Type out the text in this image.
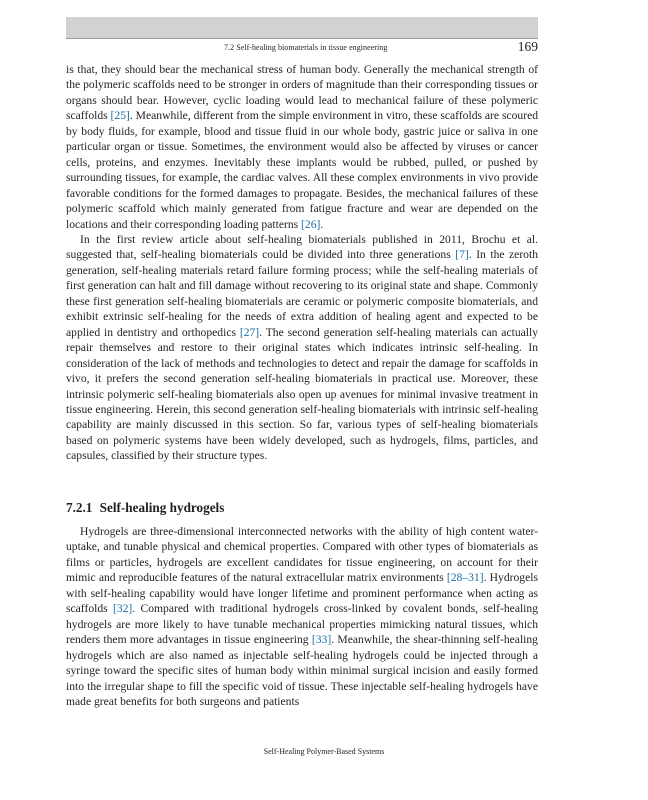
7.2 Self-healing biomaterials in tissue engineering	169

is that, they should bear the mechanical stress of human body. Generally the mechanical strength of the polymeric scaffolds need to be stronger in orders of magnitude than their corresponding tissues or organs should bear. However, cyclic loading would lead to mechanical failure of these polymeric scaffolds [25]. Meanwhile, different from the simple environment in vitro, these scaffolds are scoured by body fluids, for example, blood and tissue fluid in our whole body, gastric juice or saliva in one particular organ or tissue. Sometimes, the environment would also be affected by viruses or cancer cells, proteins, and enzymes. Inevitably these implants would be rubbed, pulled, or pushed by surrounding tissues, for example, the cardiac valves. All these complex environments in vivo provide favorable conditions for the formed damages to propagate. Besides, the mechanical failures of these polymeric scaffold which mainly generated from fatigue fracture and wear are depended on the locations and their corresponding loading patterns [26].

In the first review article about self-healing biomaterials published in 2011, Brochu et al. suggested that, self-healing biomaterials could be divided into three generations [7]. In the zeroth generation, self-healing materials retard failure forming process; while the self-healing materials of first generation can halt and fill damage without recovering to its original state and shape. Commonly these first generation self-healing biomaterials are ceramic or polymeric composite biomaterials, and exhibit extrinsic self-healing for the needs of extra addition of healing agent and expected to be applied in dentistry and orthopedics [27]. The second generation self-healing materials can actually repair themselves and restore to their original states which indicates intrinsic self-healing. In consideration of the lack of methods and technologies to detect and repair the damage for scaffolds in vivo, it prefers the second generation self-healing biomaterials in practical use. Moreover, these intrinsic polymeric self-healing biomaterials also open up avenues for minimal invasive treatment in tissue engineering. Herein, this second generation self-healing biomaterials with intrinsic self-healing capability are mainly discussed in this section. So far, various types of self-healing biomaterials based on polymeric systems have been widely developed, such as hydrogels, films, particles, and capsules, classified by their structure types.

7.2.1 Self-healing hydrogels

Hydrogels are three-dimensional interconnected networks with the ability of high content water-uptake, and tunable physical and chemical properties. Compared with other types of biomaterials as films or particles, hydrogels are excellent candidates for tissue engineering, on account for their mimic and reproducible features of the natural extracellular matrix environments [28–31]. Hydrogels with self-healing capability would have longer lifetime and prominent performance when acting as scaffolds [32]. Compared with traditional hydrogels cross-linked by covalent bonds, self-healing hydrogels are more likely to have tunable mechanical properties mimicking natural tissues, which renders them more advantages in tissue engineering [33]. Meanwhile, the shear-thinning self-healing hydrogels which are also named as injectable self-healing hydrogels could be injected through a syringe toward the specific sites of human body within minimal surgical incision and easily formed into the irregular shape to fill the specific void of tissue. These injectable self-healing hydrogels have made great benefits for both surgeons and patients

Self-Healing Polymer-Based Systems
